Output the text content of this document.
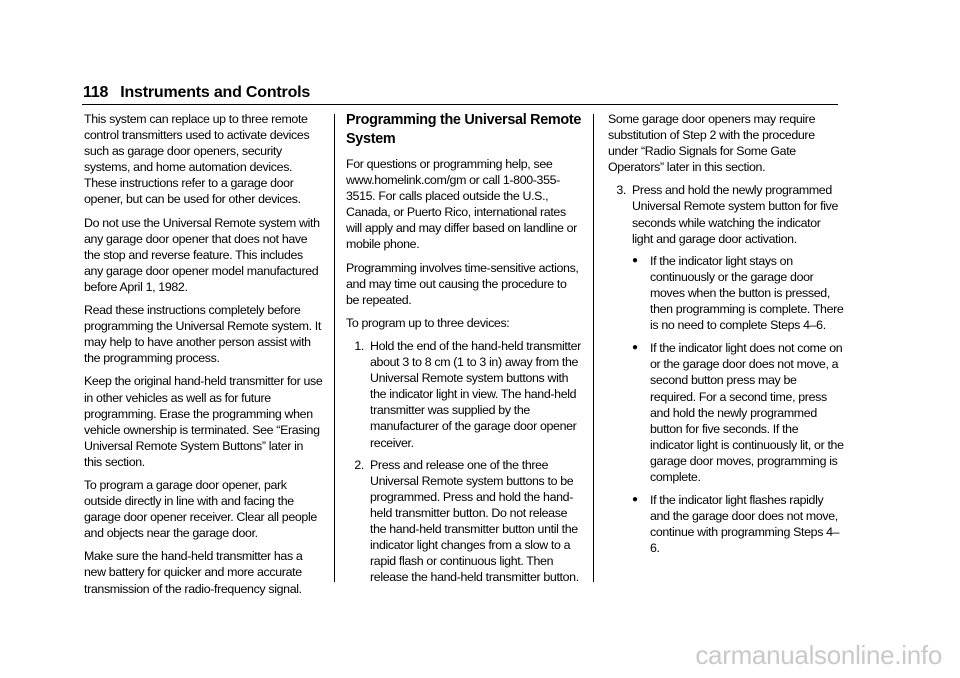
118 Instruments and Controls

This system can replace up to three remote control transmitters used to activate devices such as garage door openers, security systems, and home automation devices. These instructions refer to a garage door opener, but can be used for other devices.

Do not use the Universal Remote system with any garage door opener that does not have the stop and reverse feature. This includes any garage door opener model manufactured before April 1, 1982.

Read these instructions completely before programming the Universal Remote system. It may help to have another person assist with the programming process.

Keep the original hand-held transmitter for use in other vehicles as well as for future programming. Erase the programming when vehicle ownership is terminated. See “Erasing Universal Remote System Buttons” later in this section.

To program a garage door opener, park outside directly in line with and facing the garage door opener receiver. Clear all people and objects near the garage door.

Make sure the hand-held transmitter has a new battery for quicker and more accurate transmission of the radio-frequency signal.

Programming the Universal Remote System

For questions or programming help, see www.homelink.com/gm or call 1-800-355-3515. For calls placed outside the U.S., Canada, or Puerto Rico, international rates will apply and may differ based on landline or mobile phone.

Programming involves time-sensitive actions, and may time out causing the procedure to be repeated.

To program up to three devices:

1. Hold the end of the hand-held transmitter about 3 to 8 cm (1 to 3 in) away from the Universal Remote system buttons with the indicator light in view. The hand-held transmitter was supplied by the manufacturer of the garage door opener receiver.
2. Press and release one of the three Universal Remote system buttons to be programmed. Press and hold the hand-held transmitter button. Do not release the hand-held transmitter button until the indicator light changes from a slow to a rapid flash or continuous light. Then release the hand-held transmitter button.

Some garage door openers may require substitution of Step 2 with the procedure under “Radio Signals for Some Gate Operators” later in this section.

3. Press and hold the newly programmed Universal Remote system button for five seconds while watching the indicator light and garage door activation.
● If the indicator light stays on continuously or the garage door moves when the button is pressed, then programming is complete. There is no need to complete Steps 4–6.
● If the indicator light does not come on or the garage door does not move, a second button press may be required. For a second time, press and hold the newly programmed button for five seconds. If the indicator light is continuously lit, or the garage door moves, programming is complete.
● If the indicator light flashes rapidly and the garage door does not move, continue with programming Steps 4–6.
carmanualsonline.info
